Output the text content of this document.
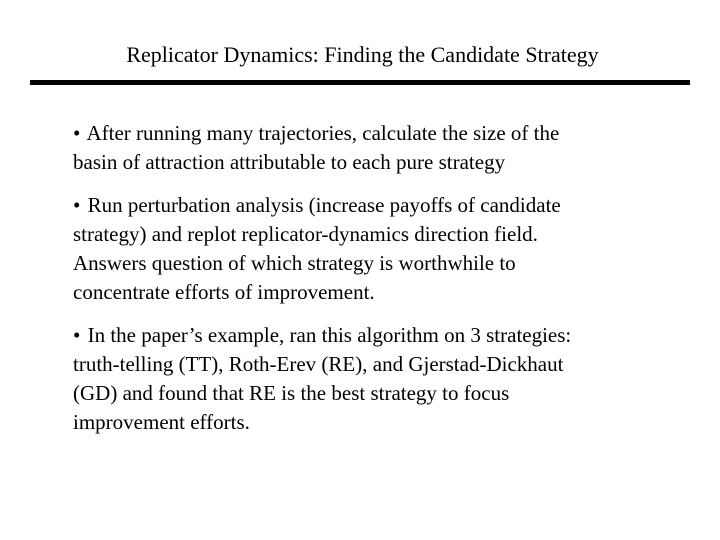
Replicator Dynamics: Finding the Candidate Strategy
• After running many trajectories, calculate the size of the
basin of attraction attributable to each pure strategy
• Run perturbation analysis (increase payoffs of candidate
strategy) and replot replicator-dynamics direction field.
Answers question of which strategy is worthwhile to
concentrate efforts of improvement.
• In the paper’s example, ran this algorithm on 3 strategies:
truth-telling (TT), Roth-Erev (RE), and Gjerstad-Dickhaut
(GD) and found that RE is the best strategy to focus
improvement efforts.
